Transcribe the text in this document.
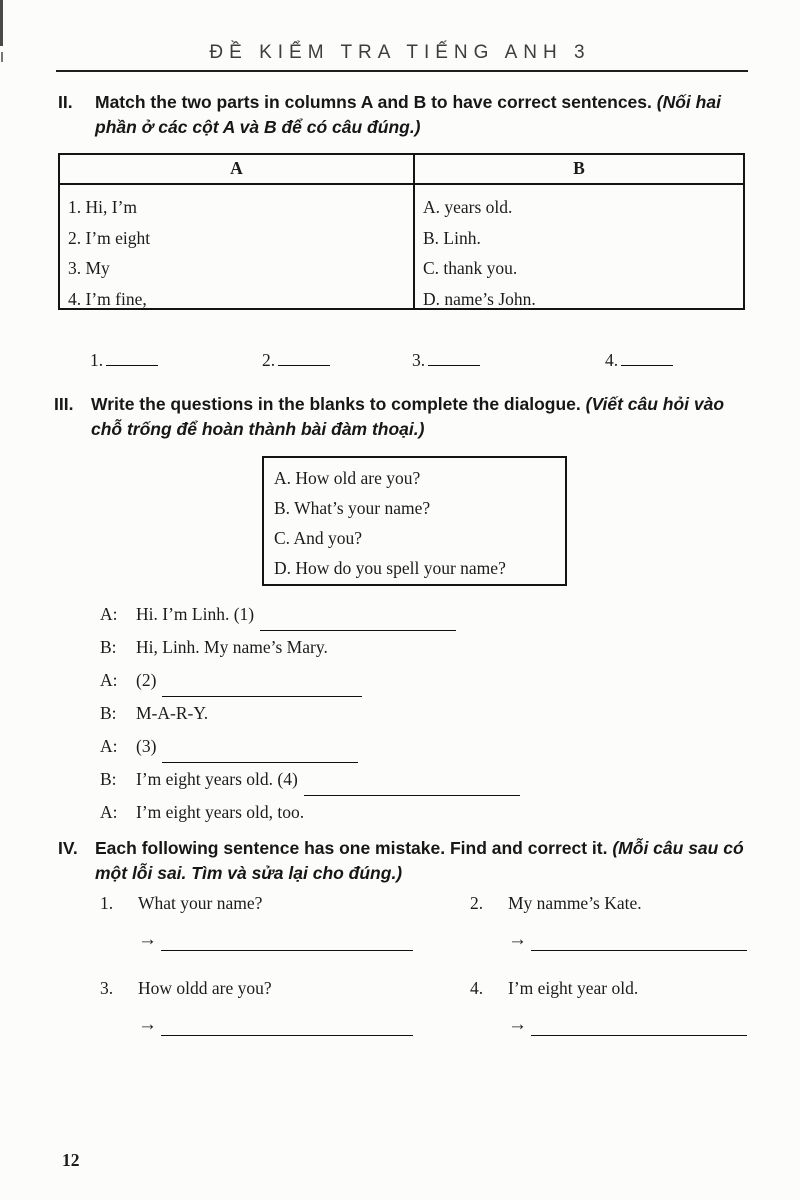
ĐỀ KIỂM TRA TIẾNG ANH 3
II.	Match the two parts in columns A and B to have correct sentences. (Nối hai phần ở các cột A và B để có câu đúng.)
A	B
1. Hi, I’m
2. I’m eight
3. My
4. I’m fine,
A. years old.
B. Linh.
C. thank you.
D. name’s John.
1.	2.	3.	4.
III.	Write the questions in the blanks to complete the dialogue. (Viết câu hỏi vào chỗ trống để hoàn thành bài đàm thoại.)
A. How old are you?
B. What’s your name?
C. And you?
D. How do you spell your name?
A:	Hi. I’m Linh. (1)
B:	Hi, Linh. My name’s Mary.
A:	(2)
B:	M-A-R-Y.
A:	(3)
B:	I’m eight years old. (4)
A:	I’m eight years old, too.
IV. Each following sentence has one mistake. Find and correct it. (Mỗi câu sau có một lỗi sai. Tìm và sửa lại cho đúng.)
1.	What your name?	2.	My namme’s Kate.
→	→
3.	How oldd are you?	4.	I’m eight year old.
→	→
12
